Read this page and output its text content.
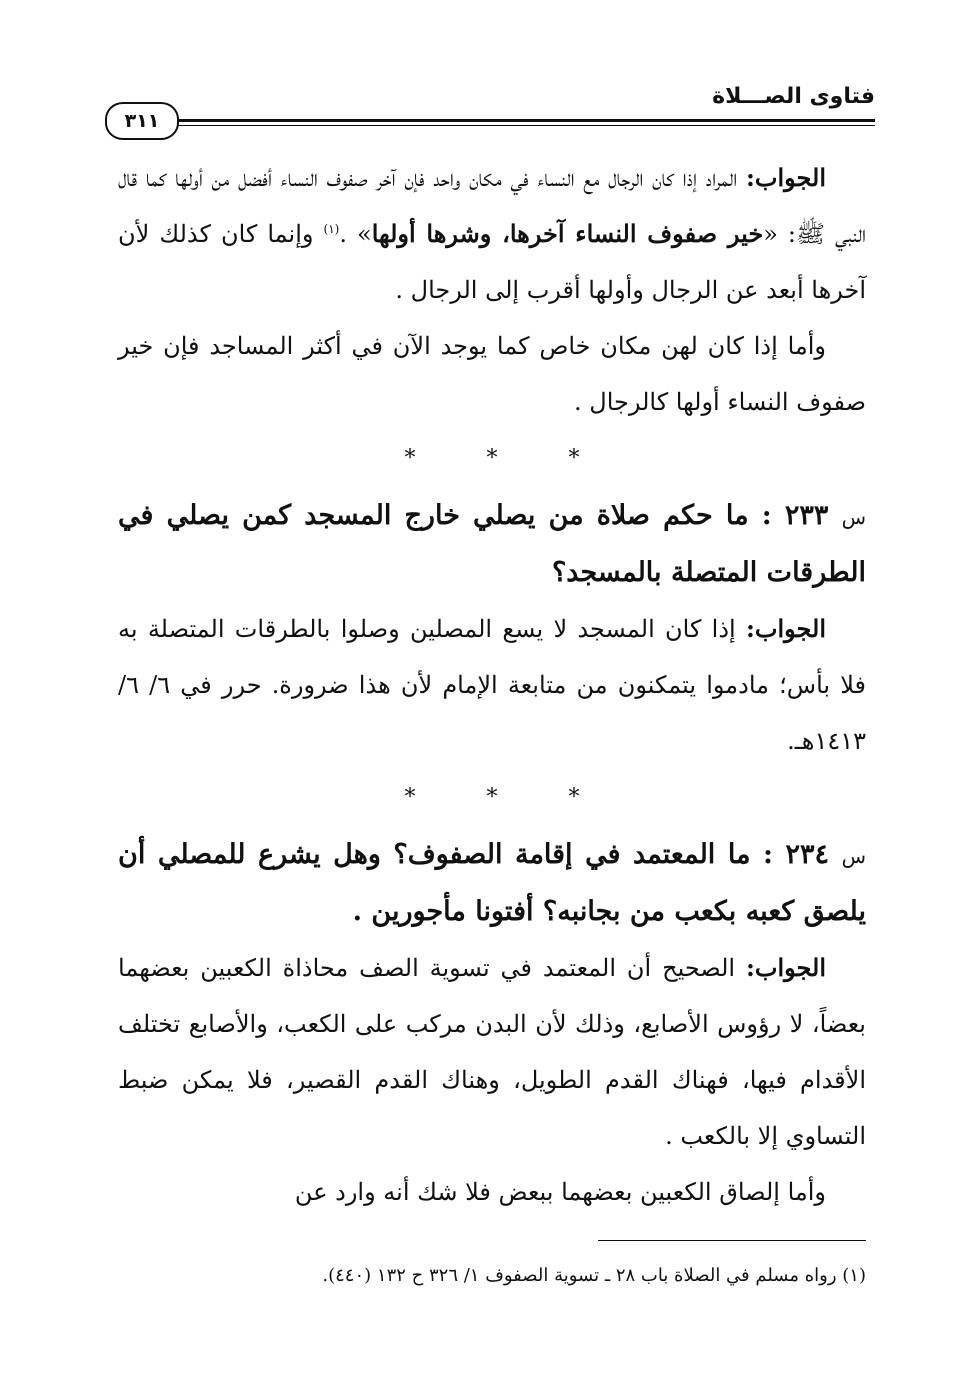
فتاوى الصـــلاة
٣١١

الجواب: المراد إذا كان الرجال مع النساء في مكان واحد فإن آخر صفوف النساء أفضل من أولها كما قال النبي ﷺ: «خير صفوف النساء آخرها، وشرها أولها» .$^{(١)}$ وإنما كان كذلك لأن آخرها أبعد عن الرجال وأولها أقرب إلى الرجال .

وأما إذا كان لهن مكان خاص كما يوجد الآن في أكثر المساجد فإن خير صفوف النساء أولها كالرجال .

* * *

س ٢٣٣ : ما حكم صلاة من يصلي خارج المسجد كمن يصلي في الطرقات المتصلة بالمسجد؟

الجواب: إذا كان المسجد لا يسع المصلين وصلوا بالطرقات المتصلة به فلا بأس؛ مادموا يتمكنون من متابعة الإمام لأن هذا ضرورة. حرر في ٦/ ٦/ ١٤١٣هـ.

* * *

س ٢٣٤ : ما المعتمد في إقامة الصفوف؟ وهل يشرع للمصلي أن يلصق كعبه بكعب من بجانبه؟ أفتونا مأجورين .

الجواب: الصحيح أن المعتمد في تسوية الصف محاذاة الكعبين بعضهما بعضاً، لا رؤوس الأصابع، وذلك لأن البدن مركب على الكعب، والأصابع تختلف الأقدام فيها، فهناك القدم الطويل، وهناك القدم القصير، فلا يمكن ضبط التساوي إلا بالكعب .

وأما إلصاق الكعبين بعضهما ببعض فلا شك أنه وارد عن

(١) رواه مسلم في الصلاة باب ٢٨ ـ تسوية الصفوف ١/ ٣٢٦ ح ١٣٢ (٤٤٠).
